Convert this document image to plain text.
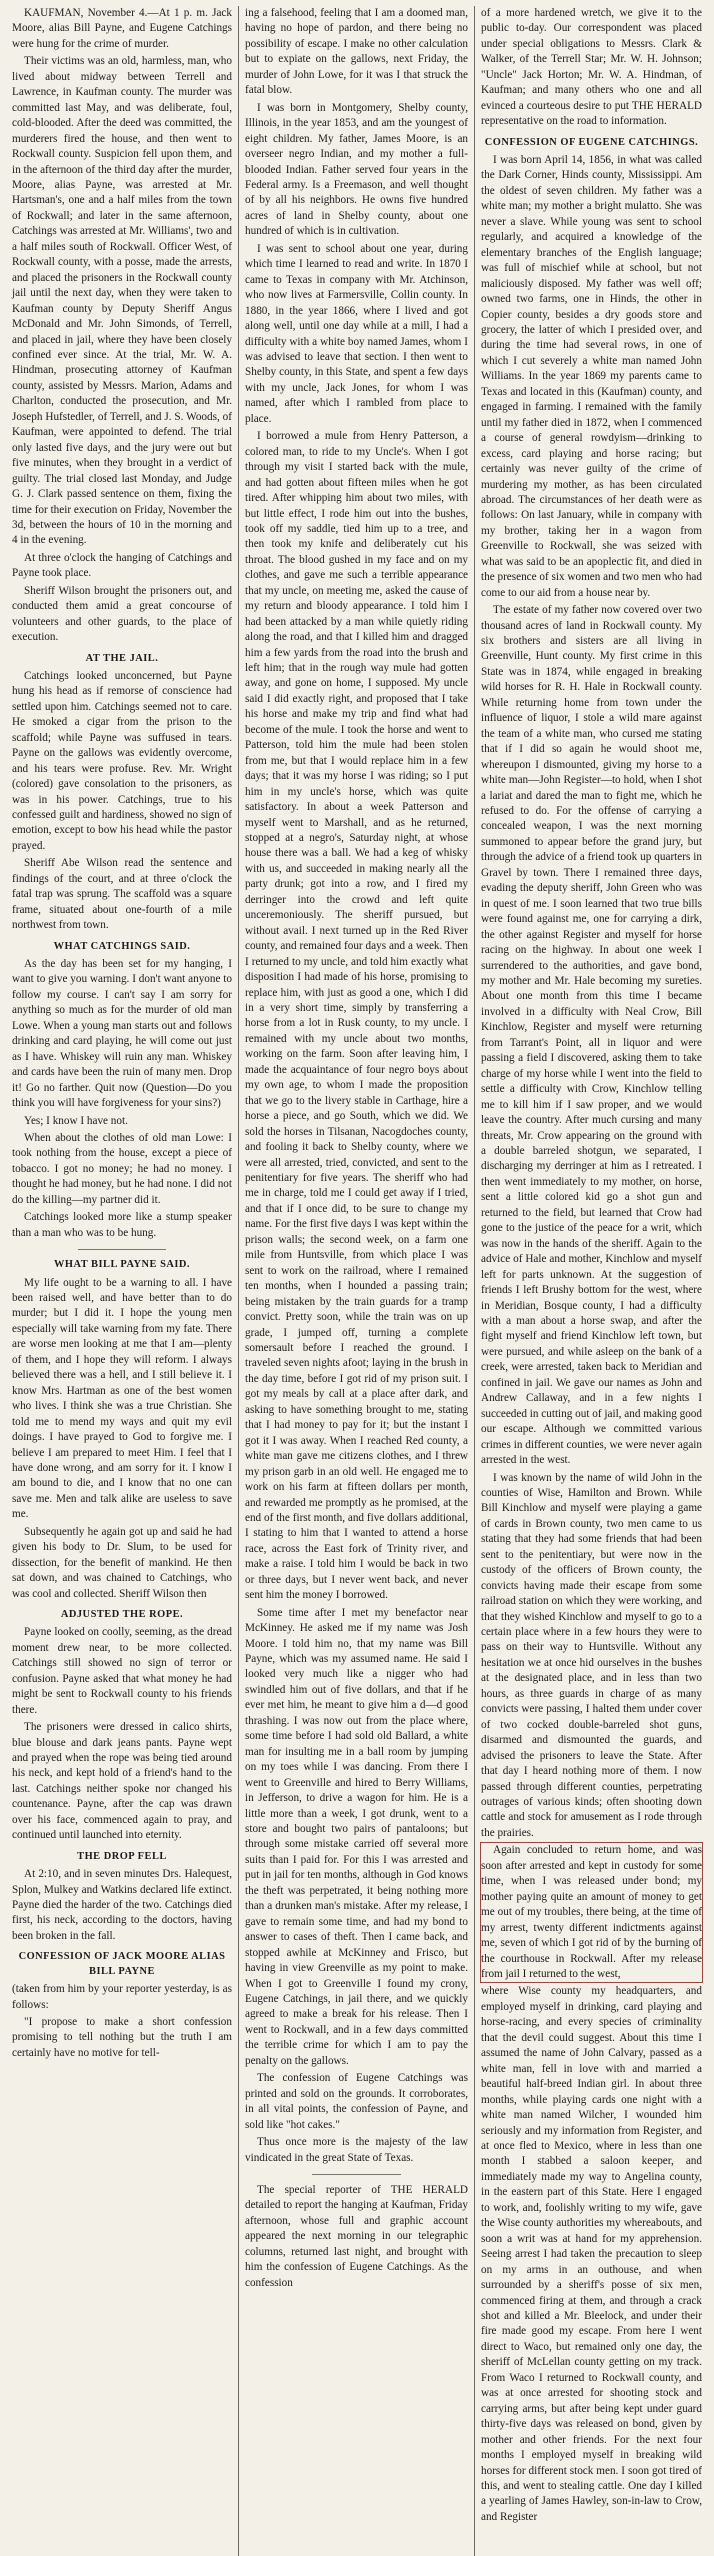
KAUFMAN, November 4.—At 1 p. m. Jack Moore, alias Bill Payne, and Eugene Catchings were hung for the crime of murder.

Their victims was an old, harmless, man, who lived about midway between Terrell and Lawrence, in Kaufman county. The murder was committed last May, and was deliberate, foul, cold-blooded. After the deed was committed, the murderers fired the house, and then went to Rockwall county. Suspicion fell upon them, and in the afternoon of the third day after the murder, Moore, alias Payne, was arrested at Mr. Hartsman's, one and a half miles from the town of Rockwall; and later in the same afternoon, Catchings was arrested at Mr. Williams', two and a half miles south of Rockwall. Officer West, of Rockwall county, with a posse, made the arrests, and placed the prisoners in the Rockwall county jail until the next day, when they were taken to Kaufman county by Deputy Sheriff Angus McDonald and Mr. John Simonds, of Terrell, and placed in jail, where they have been closely confined ever since. At the trial, Mr. W. A. Hindman, prosecuting attorney of Kaufman county, assisted by Messrs. Marion, Adams and Charlton, conducted the prosecution, and Mr. Joseph Hufstedler, of Terrell, and J. S. Woods, of Kaufman, were appointed to defend. The trial only lasted five days, and the jury were out but five minutes, when they brought in a verdict of guilty. The trial closed last Monday, and Judge G. J. Clark passed sentence on them, fixing the time for their execution on Friday, November the 3d, between the hours of 10 in the morning and 4 in the evening.

At three o'clock the hanging of Catchings and Payne took place.

Sheriff Wilson brought the prisoners out, and conducted them amid a great concourse of volunteers and other guards, to the place of execution.

AT THE JAIL.

Catchings looked unconcerned, but Payne hung his head as if remorse of conscience had settled upon him. Catchings seemed not to care. He smoked a cigar from the prison to the scaffold; while Payne was suffused in tears. Payne on the gallows was evidently overcome, and his tears were profuse. Rev. Mr. Wright (colored) gave consolation to the prisoners, as was in his power. Catchings, true to his confessed guilt and hardiness, showed no sign of emotion, except to bow his head while the pastor prayed.

Sheriff Abe Wilson read the sentence and findings of the court, and at three o'clock the fatal trap was sprung. The scaffold was a square frame, situated about one-fourth of a mile northwest from town.

WHAT CATCHINGS SAID.

As the day has been set for my hanging, I want to give you warning. I don't want anyone to follow my course. I can't say I am sorry for anything so much as for the murder of old man Lowe. When a young man starts out and follows drinking and card playing, he will come out just as I have. Whiskey will ruin any man. Whiskey and cards have been the ruin of many men. Drop it! Go no farther. Quit now (Question—Do you think you will have forgiveness for your sins?)

Yes; I know I have not.

When about the clothes of old man Lowe: I took nothing from the house, except a piece of tobacco. I got no money; he had no money. I thought he had money, but he had none. I did not do the killing—my partner did it.

Catchings looked more like a stump speaker than a man who was to be hung.

WHAT BILL PAYNE SAID.

My life ought to be a warning to all. I have been raised well, and have better than to do murder; but I did it. I hope the young men especially will take warning from my fate. There are worse men looking at me that I am—plenty of them, and I hope they will reform. I always believed there was a hell, and I still believe it. I know Mrs. Hartman as one of the best women who lives. I think she was a true Christian. She told me to mend my ways and quit my evil doings. I have prayed to God to forgive me. I believe I am prepared to meet Him. I feel that I have done wrong, and am sorry for it. I know I am bound to die, and I know that no one can save me. Men and talk alike are useless to save me.

Subsequently he again got up and said he had given his body to Dr. Slum, to be used for dissection, for the benefit of mankind. He then sat down, and was chained to Catchings, who was cool and collected. Sheriff Wilson then

ADJUSTED THE ROPE.

Payne looked on coolly, seeming, as the dread moment drew near, to be more collected. Catchings still showed no sign of terror or confusion. Payne asked that what money he had might be sent to Rockwall county to his friends there.

The prisoners were dressed in calico shirts, blue blouse and dark jeans pants. Payne wept and prayed when the rope was being tied around his neck, and kept hold of a friend's hand to the last. Catchings neither spoke nor changed his countenance. Payne, after the cap was drawn over his face, commenced again to pray, and continued until launched into eternity.

THE DROP FELL

At 2:10, and in seven minutes Drs. Halequest, Splon, Mulkey and Watkins declared life extinct. Payne died the harder of the two. Catchings died first, his neck, according to the doctors, having been broken in the fall.

CONFESSION OF JACK MOORE ALIAS BILL PAYNE

(taken from him by your reporter yesterday, is as follows:

"I propose to make a short confession promising to tell nothing but the truth I am certainly have no motive for tell-

ing a falsehood, feeling that I am a doomed man, having no hope of pardon, and there being no possibility of escape. I make no other calculation but to expiate on the gallows, next Friday, the murder of John Lowe, for it was I that struck the fatal blow.

I was born in Montgomery, Shelby county, Illinois, in the year 1853, and am the youngest of eight children. My father, James Moore, is an overseer negro Indian, and my mother a full-blooded Indian. Father served four years in the Federal army. Is a Freemason, and well thought of by all his neighbors. He owns five hundred acres of land in Shelby county, about one hundred of which is in cultivation.

I was sent to school about one year, during which time I learned to read and write. In 1870 I came to Texas in company with Mr. Atchinson, who now lives at Farmersville, Collin county. In 1880, in the year 1866, where I lived and got along well, until one day while at a mill, I had a difficulty with a white boy named James, whom I was advised to leave that section. I then went to Shelby county, in this State, and spent a few days with my uncle, Jack Jones, for whom I was named, after which I rambled from place to place.

I borrowed a mule from Henry Patterson, a colored man, to ride to my Uncle's. When I got through my visit I started back with the mule, and had gotten about fifteen miles when he got tired. After whipping him about two miles, with but little effect, I rode him out into the bushes, took off my saddle, tied him up to a tree, and then took my knife and deliberately cut his throat. The blood gushed in my face and on my clothes, and gave me such a terrible appearance that my uncle, on meeting me, asked the cause of my return and bloody appearance. I told him I had been attacked by a man while quietly riding along the road, and that I killed him and dragged him a few yards from the road into the brush and left him; that in the rough way mule had gotten away, and gone on home, I supposed. My uncle said I did exactly right, and proposed that I take his horse and make my trip and find what had become of the mule. I took the horse and went to Patterson, told him the mule had been stolen from me, but that I would replace him in a few days; that it was my horse I was riding; so I put him in my uncle's horse, which was quite satisfactory. In about a week Patterson and myself went to Marshall, and as he returned, stopped at a negro's, Saturday night, at whose house there was a ball. We had a keg of whisky with us, and succeeded in making nearly all the party drunk; got into a row, and I fired my derringer into the crowd and left quite unceremoniously. The sheriff pursued, but without avail. I next turned up in the Red River county, and remained four days and a week. Then I returned to my uncle, and told him exactly what disposition I had made of his horse, promising to replace him, with just as good a one, which I did in a very short time, simply by transferring a horse from a lot in Rusk county, to my uncle. I remained with my uncle about two months, working on the farm. Soon after leaving him, I made the acquaintance of four negro boys about my own age, to whom I made the proposition that we go to the livery stable in Carthage, hire a horse a piece, and go South, which we did. We sold the horses in Tilsanan, Nacogdoches county, and fooling it back to Shelby county, where we were all arrested, tried, convicted, and sent to the penitentiary for five years. The sheriff who had me in charge, told me I could get away if I tried, and that if I once did, to be sure to change my name. For the first five days I was kept within the prison walls; the second week, on a farm one mile from Huntsville, from which place I was sent to work on the railroad, where I remained ten months, when I hounded a passing train; being mistaken by the train guards for a tramp convict. Pretty soon, while the train was on up grade, I jumped off, turning a complete somersault before I reached the ground. I traveled seven nights afoot; laying in the brush in the day time, before I got rid of my prison suit. I got my meals by call at a place after dark, and asking to have something brought to me, stating that I had money to pay for it; but the instant I got it I was away. When I reached Red county, a white man gave me citizens clothes, and I threw my prison garb in an old well. He engaged me to work on his farm at fifteen dollars per month, and rewarded me promptly as he promised, at the end of the first month, and five dollars additional, I stating to him that I wanted to attend a horse race, across the East fork of Trinity river, and make a raise. I told him I would be back in two or three days, but I never went back, and never sent him the money I borrowed.

Some time after I met my benefactor near McKinney. He asked me if my name was Josh Moore. I told him no, that my name was Bill Payne, which was my assumed name. He said I looked very much like a nigger who had swindled him out of five dollars, and that if he ever met him, he meant to give him a d—d good thrashing. I was now out from the place where, some time before I had sold old Ballard, a white man for insulting me in a ball room by jumping on my toes while I was dancing. From there I went to Greenville and hired to Berry Williams, in Jefferson, to drive a wagon for him. He is a little more than a week, I got drunk, went to a store and bought two pairs of pantaloons; but through some mistake carried off several more suits than I paid for. For this I was arrested and put in jail for ten months, although in God knows the theft was perpetrated, it being nothing more than a drunken man's mistake. After my release, I gave to remain some time, and had my bond to answer to cases of theft. Then I came back, and stopped awhile at McKinney and Frisco, but having in view Greenville as my point to make. When I got to Greenville I found my crony, Eugene Catchings, in jail there, and we quickly agreed to make a break for his release. Then I went to Rockwall, and in a few days committed the terrible crime for which I am to pay the penalty on the gallows.

The confession of Eugene Catchings was printed and sold on the grounds. It corroborates, in all vital points, the confession of Payne, and sold like "hot cakes."

Thus once more is the majesty of the law vindicated in the great State of Texas.

The special reporter of THE HERALD detailed to report the hanging at Kaufman, Friday afternoon, whose full and graphic account appeared the next morning in our telegraphic columns, returned last night, and brought with him the confession of Eugene Catchings. As the confession

of a more hardened wretch, we give it to the public to-day. Our correspondent was placed under special obligations to Messrs. Clark & Walker, of the Terrell Star; Mr. W. H. Johnson; "Uncle" Jack Horton; Mr. W. A. Hindman, of Kaufman; and many others who one and all evinced a courteous desire to put THE HERALD representative on the road to information.

CONFESSION OF EUGENE CATCHINGS.

I was born April 14, 1856, in what was called the Dark Corner, Hinds county, Mississippi. Am the oldest of seven children. My father was a white man; my mother a bright mulatto. She was never a slave. While young was sent to school regularly, and acquired a knowledge of the elementary branches of the English language; was full of mischief while at school, but not maliciously disposed. My father was well off; owned two farms, one in Hinds, the other in Copier county, besides a dry goods store and grocery, the latter of which I presided over, and during the time had several rows, in one of which I cut severely a white man named John Williams. In the year 1869 my parents came to Texas and located in this (Kaufman) county, and engaged in farming. I remained with the family until my father died in 1872, when I commenced a course of general rowdyism—drinking to excess, card playing and horse racing; but certainly was never guilty of the crime of murdering my mother, as has been circulated abroad. The circumstances of her death were as follows: On last January, while in company with my brother, taking her in a wagon from Greenville to Rockwall, she was seized with what was said to be an apoplectic fit, and died in the presence of six women and two men who had come to our aid from a house near by.

The estate of my father now covered over two thousand acres of land in Rockwall county. My six brothers and sisters are all living in Greenville, Hunt county. My first crime in this State was in 1874, while engaged in breaking wild horses for R. H. Hale in Rockwall county. While returning home from town under the influence of liquor, I stole a wild mare against the team of a white man, who cursed me stating that if I did so again he would shoot me, whereupon I dismounted, giving my horse to a white man—John Register—to hold, when I shot a lariat and dared the man to fight me, which he refused to do. For the offense of carrying a concealed weapon, I was the next morning summoned to appear before the grand jury, but through the advice of a friend took up quarters in Gravel by town. There I remained three days, evading the deputy sheriff, John Green who was in quest of me. I soon learned that two true bills were found against me, one for carrying a dirk, the other against Register and myself for horse racing on the highway. In about one week I surrendered to the authorities, and gave bond, my mother and Mr. Hale becoming my sureties. About one month from this time I became involved in a difficulty with Neal Crow, Bill Kinchlow, Register and myself were returning from Tarrant's Point, all in liquor and were passing a field I discovered, asking them to take charge of my horse while I went into the field to settle a difficulty with Crow, Kinchlow telling me to kill him if I saw proper, and we would leave the country. After much cursing and many threats, Mr. Crow appearing on the ground with a double barreled shotgun, we separated, I discharging my derringer at him as I retreated. I then went immediately to my mother, on horse, sent a little colored kid go a shot gun and returned to the field, but learned that Crow had gone to the justice of the peace for a writ, which was now in the hands of the sheriff. Again to the advice of Hale and mother, Kinchlow and myself left for parts unknown. At the suggestion of friends I left Brushy bottom for the west, where in Meridian, Bosque county, I had a difficulty with a man about a horse swap, and after the fight myself and friend Kinchlow left town, but were pursued, and while asleep on the bank of a creek, were arrested, taken back to Meridian and confined in jail. We gave our names as John and Andrew Callaway, and in a few nights I succeeded in cutting out of jail, and making good our escape. Although we committed various crimes in different counties, we were never again arrested in the west.

I was known by the name of wild John in the counties of Wise, Hamilton and Brown. While Bill Kinchlow and myself were playing a game of cards in Brown county, two men came to us stating that they had some friends that had been sent to the penitentiary, but were now in the custody of the officers of Brown county, the convicts having made their escape from some railroad station on which they were working, and that they wished Kinchlow and myself to go to a certain place where in a few hours they were to pass on their way to Huntsville. Without any hesitation we at once hid ourselves in the bushes at the designated place, and in less than two hours, as three guards in charge of as many convicts were passing, I halted them under cover of two cocked double-barreled shot guns, disarmed and dismounted the guards, and advised the prisoners to leave the State. After that day I heard nothing more of them. I now passed through different counties, perpetrating outrages of various kinds; often shooting down cattle and stock for amusement as I rode through the prairies.

Again concluded to return home, and was soon after arrested and kept in custody for some time, when I was released under bond; my mother paying quite an amount of money to get me out of my troubles, there being, at the time of my arrest, twenty different indictments against me, seven of which I got rid of by the burning of the courthouse in Rockwall. After my release from jail I returned to the west,

where Wise county my headquarters, and employed myself in drinking, card playing and horse-racing, and every species of criminality that the devil could suggest. About this time I assumed the name of John Calvary, passed as a white man, fell in love with and married a beautiful half-breed Indian girl. In about three months, while playing cards one night with a white man named Wilcher, I wounded him seriously and my information from Register, and at once fled to Mexico, where in less than one month I stabbed a saloon keeper, and immediately made my way to Angelina county, in the eastern part of this State. Here I engaged to work, and, foolishly writing to my wife, gave the Wise county authorities my whereabouts, and soon a writ was at hand for my apprehension. Seeing arrest I had taken the precaution to sleep on my arms in an outhouse, and when surrounded by a sheriff's posse of six men, commenced firing at them, and through a crack shot and killed a Mr. Bleelock, and under their fire made good my escape. From here I went direct to Waco, but remained only one day, the sheriff of McLellan county getting on my track. From Waco I returned to Rockwall county, and was at once arrested for shooting stock and carrying arms, but after being kept under guard thirty-five days was released on bond, given by mother and other friends. For the next four months I employed myself in breaking wild horses for different stock men. I soon got tired of this, and went to stealing cattle. One day I killed a yearling of James Hawley, son-in-law to Crow, and Register
